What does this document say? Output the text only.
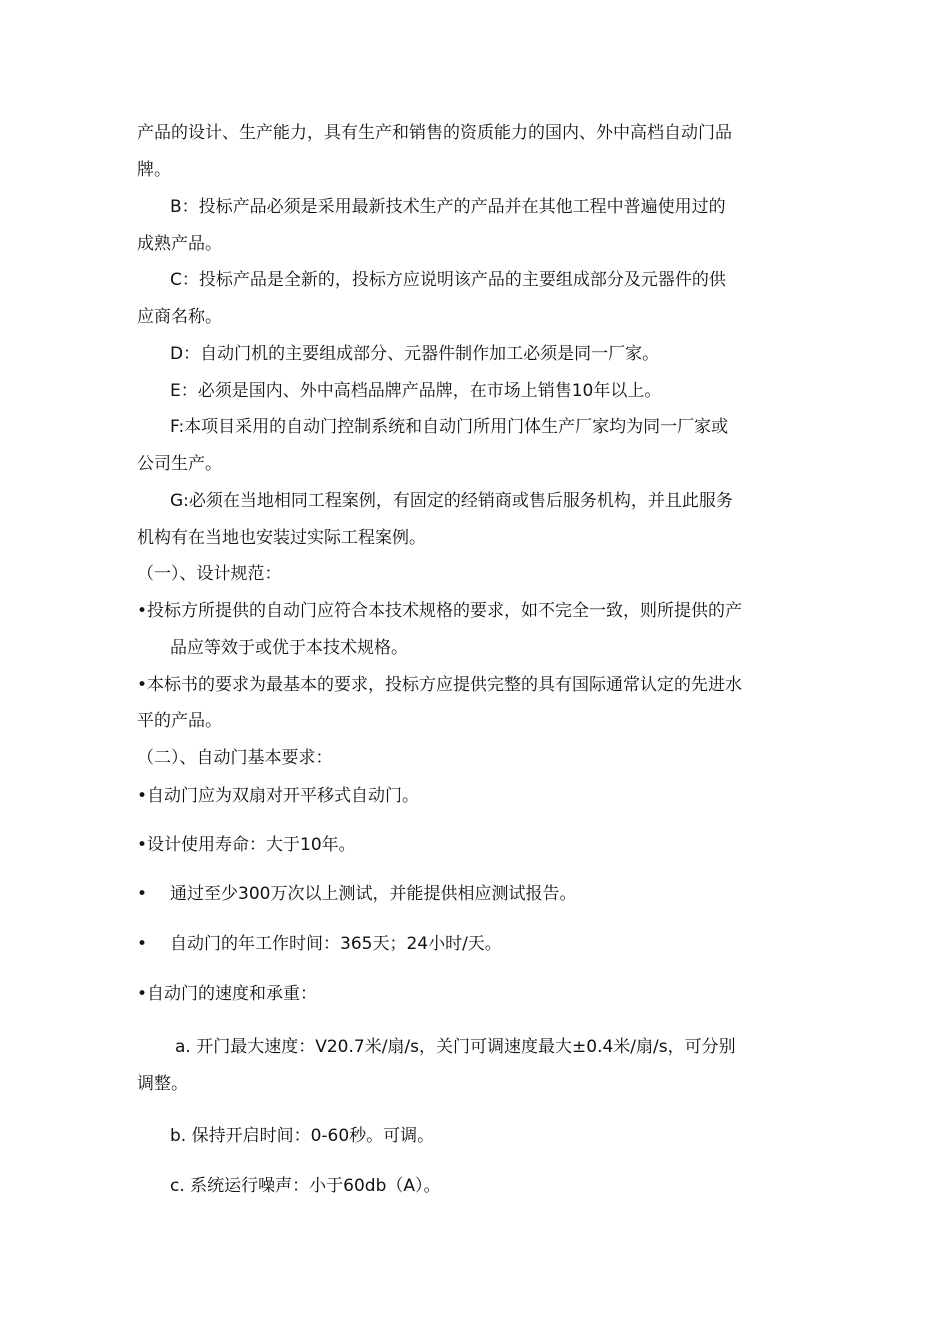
产品的设计、生产能力，具有生产和销售的资质能力的国内、外中高档自动门品
牌。
B：投标产品必须是采用最新技术生产的产品并在其他工程中普遍使用过的
成熟产品。
C：投标产品是全新的，投标方应说明该产品的主要组成部分及元器件的供
应商名称。
D：自动门机的主要组成部分、元器件制作加工必须是同一厂家。
E：必须是国内、外中高档品牌产品牌，在市场上销售10年以上。
F:本项目采用的自动门控制系统和自动门所用门体生产厂家均为同一厂家或
公司生产。
G:必须在当地相同工程案例，有固定的经销商或售后服务机构，并且此服务
机构有在当地也安装过实际工程案例。
（一）、设计规范：
•投标方所提供的自动门应符合本技术规格的要求，如不完全一致，则所提供的产
品应等效于或优于本技术规格。
•本标书的要求为最基本的要求，投标方应提供完整的具有国际通常认定的先进水
平的产品。
（二）、自动门基本要求：
•自动门应为双扇对开平移式自动门。
•设计使用寿命：大于10年。
•	通过至少300万次以上测试，并能提供相应测试报告。
•	自动门的年工作时间：365天；24小时/天。
•自动门的速度和承重：
a. 开门最大速度：V20.7米/扇/s，关门可调速度最大±0.4米/扇/s，可分别
调整。
b. 保持开启时间：0-60秒。可调。
c. 系统运行噪声：小于60db（A）。
